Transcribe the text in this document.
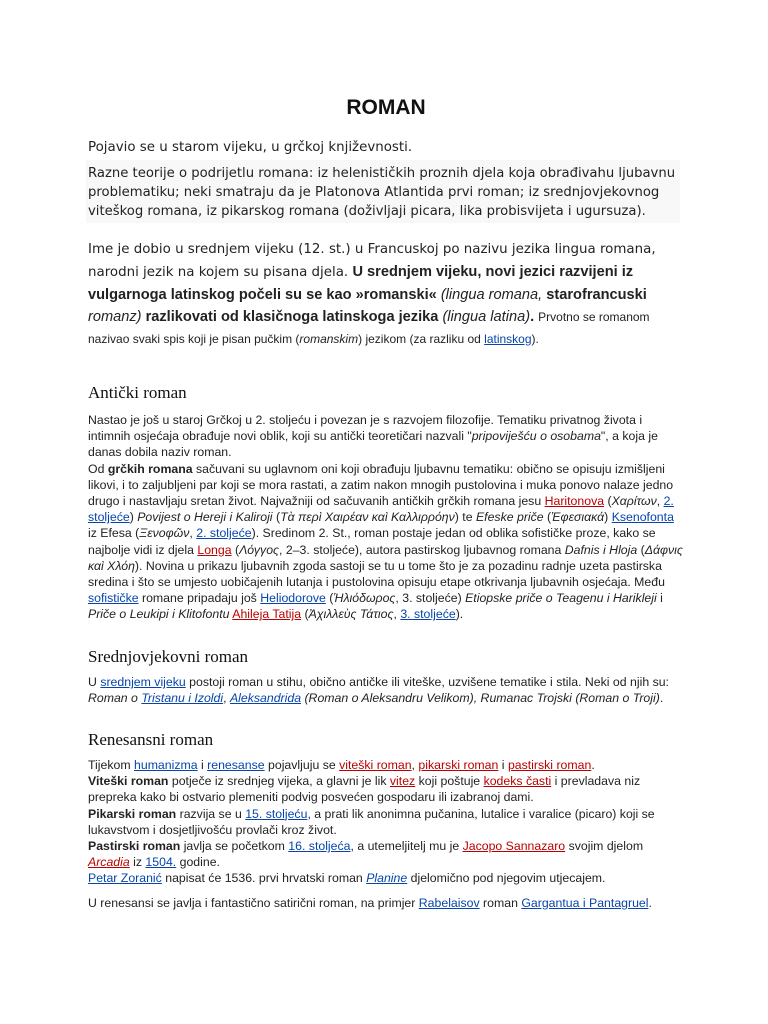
ROMAN
Pojavio se u starom vijeku, u grčkoj književnosti.
Razne teorije o podrijetlu romana: iz helenističkih proznih djela koja obrađivahu ljubavnu problematiku; neki smatraju da je Platonova Atlantida prvi roman; iz srednjovjekovnog viteškog romana, iz pikarskog romana (doživljaji picara, lika probisvijeta i ugursuza).
Ime je dobio u srednjem vijeku (12. st.) u Francuskoj po nazivu jezika lingua romana, narodni jezik na kojem su pisana djela. U srednjem vijeku, novi jezici razvijeni iz vulgarnoga latinskog počeli su se kao »romanski« (lingua romana, starofrancuski romanz) razlikovati od klasičnoga latinskoga jezika (lingua latina). Prvotno se romanom nazivao svaki spis koji je pisan pučkim (romanskim) jezikom (za razliku od latinskog).
Antički roman
Nastao je još u staroj Grčkoj u 2. stoljeću i povezan je s razvojem filozofije. Tematiku privatnog života i intimnih osjećaja obrađuje novi oblik, koji su antički teoretičari nazvali "pripoviješću o osobama", a koja je danas dobila naziv roman.
Od grčkih romana sačuvani su uglavnom oni koji obrađuju ljubavnu tematiku: obično se opisuju izmišljeni likovi, i to zaljubljeni par koji se mora rastati, a zatim nakon mnogih pustolovina i muka ponovo nalaze jedno drugo i nastavljaju sretan život. Najvažniji od sačuvanih antičkih grčkih romana jesu Haritonova (Χαρίτων, 2. stoljeće) Povijest o Hereji i Kaliroji (Τὰ περὶ Χαιρέαν καὶ Καλλιρρόην) te Efeske priče (Ἐφεσιακά) Ksenofonta iz Efesa (Ξενοφῶν, 2. stoljeće). Sredinom 2. St., roman postaje jedan od oblika sofističke proze, kako se najbolje vidi iz djela Longa (Λόγγος, 2–3. stoljeće), autora pastirskog ljubavnog romana Dafnis i Hloja (Δάφνις καὶ Χλόη). Novina u prikazu ljubavnih zgoda sastoji se tu u tome što je za pozadinu radnje uzeta pastirska sredina i što se umjesto uobičajenih lutanja i pustolovina opisuju etape otkrivanja ljubavnih osjećaja. Među sofističke romane pripadaju još Heliodorove (Ἡλιόδωρος, 3. stoljeće) Etiopske priče o Teagenu i Harikleji i Priče o Leukipi i Klitofontu Ahileja Tatija (Ἀχιλλεὺς Τάτιος, 3. stoljeće).
Srednjovjekovni roman
U srednjem vijeku postoji roman u stihu, obično antičke ili viteške, uzvišene tematike i stila. Neki od njih su: Roman o Tristanu i Izoldi, Aleksandrida (Roman o Aleksandru Velikom), Rumanac Trojski (Roman o Troji).
Renesansni roman
Tijekom humanizma i renesanse pojavljuju se viteški roman, pikarski roman i pastirski roman.
Viteški roman potječe iz srednjeg vijeka, a glavni je lik vitez koji poštuje kodeks časti i prevladava niz prepreka kako bi ostvario plemeniti podvig posvećen gospodaru ili izabranoj dami.
Pikarski roman razvija se u 15. stoljeću, a prati lik anonimna pučanina, lutalice i varalice (picaro) koji se lukavstvom i dosjetljivošću provlači kroz život.
Pastirski roman javlja se početkom 16. stoljeća, a utemeljitelj mu je Jacopo Sannazaro svojim djelom Arcadia iz 1504. godine.
Petar Zoranić napisat će 1536. prvi hrvatski roman Planine djelomično pod njegovim utjecajem.
U renesansi se javlja i fantastično satirični roman, na primjer Rabelaisov roman Gargantua i Pantagruel.
